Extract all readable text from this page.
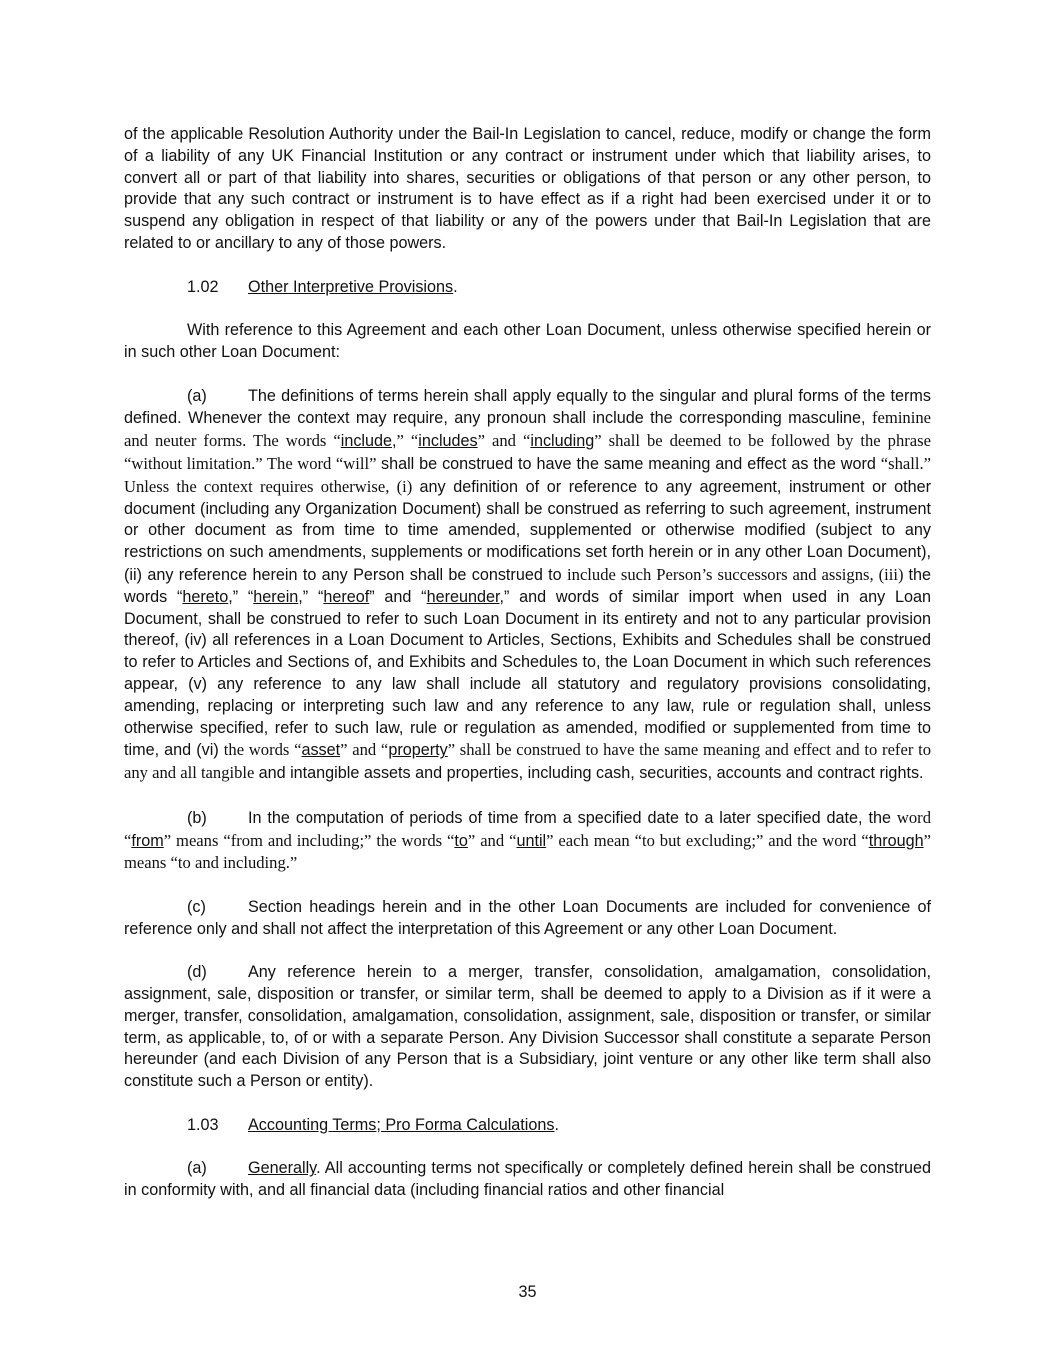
of the applicable Resolution Authority under the Bail-In Legislation to cancel, reduce, modify or change the form of a liability of any UK Financial Institution or any contract or instrument under which that liability arises, to convert all or part of that liability into shares, securities or obligations of that person or any other person, to provide that any such contract or instrument is to have effect as if a right had been exercised under it or to suspend any obligation in respect of that liability or any of the powers under that Bail-In Legislation that are related to or ancillary to any of those powers.

1.02 Other Interpretive Provisions.

With reference to this Agreement and each other Loan Document, unless otherwise specified herein or in such other Loan Document:

(a)	The definitions of terms herein shall apply equally to the singular and plural forms of the terms defined. Whenever the context may require, any pronoun shall include the corresponding masculine, feminine and neuter forms. The words “include,” “includes” and “including” shall be deemed to be followed by the phrase “without limitation.” The word “will” shall be construed to have the same meaning and effect as the word “shall.” Unless the context requires otherwise, (i) any definition of or reference to any agreement, instrument or other document (including any Organization Document) shall be construed as referring to such agreement, instrument or other document as from time to time amended, supplemented or otherwise modified (subject to any restrictions on such amendments, supplements or modifications set forth herein or in any other Loan Document), (ii) any reference herein to any Person shall be construed to include such Person’s successors and assigns, (iii) the words “hereto,” “herein,” “hereof” and “hereunder,” and words of similar import when used in any Loan Document, shall be construed to refer to such Loan Document in its entirety and not to any particular provision thereof, (iv) all references in a Loan Document to Articles, Sections, Exhibits and Schedules shall be construed to refer to Articles and Sections of, and Exhibits and Schedules to, the Loan Document in which such references appear, (v) any reference to any law shall include all statutory and regulatory provisions consolidating, amending, replacing or interpreting such law and any reference to any law, rule or regulation shall, unless otherwise specified, refer to such law, rule or regulation as amended, modified or supplemented from time to time, and (vi) the words “asset” and “property” shall be construed to have the same meaning and effect and to refer to any and all tangible and intangible assets and properties, including cash, securities, accounts and contract rights.

(b)	In the computation of periods of time from a specified date to a later specified date, the word “from” means “from and including;” the words “to” and “until” each mean “to but excluding;” and the word “through” means “to and including.”

(c)	Section headings herein and in the other Loan Documents are included for convenience of reference only and shall not affect the interpretation of this Agreement or any other Loan Document.

(d)	Any reference herein to a merger, transfer, consolidation, amalgamation, consolidation, assignment, sale, disposition or transfer, or similar term, shall be deemed to apply to a Division as if it were a merger, transfer, consolidation, amalgamation, consolidation, assignment, sale, disposition or transfer, or similar term, as applicable, to, of or with a separate Person. Any Division Successor shall constitute a separate Person hereunder (and each Division of any Person that is a Subsidiary, joint venture or any other like term shall also constitute such a Person or entity).

1.03 Accounting Terms; Pro Forma Calculations.

(a)	Generally. All accounting terms not specifically or completely defined herein shall be construed in conformity with, and all financial data (including financial ratios and other financial

35
